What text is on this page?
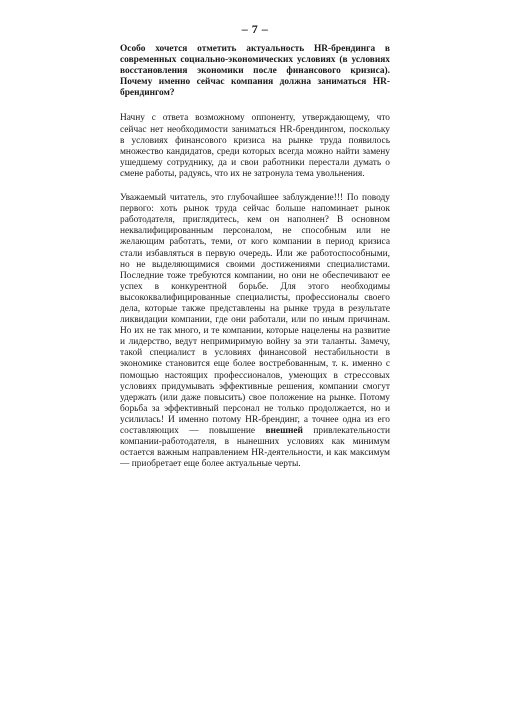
– 7 –

Особо хочется отметить актуальность HR-брендинга в современных социально-экономических условиях (в условиях восстановления экономики после финансового кризиса). Почему именно сейчас компания должна заниматься HR-брендингом?

Начну с ответа возможному оппоненту, утверждающему, что сейчас нет необходимости заниматься HR-брендингом, поскольку в условиях финансового кризиса на рынке труда появилось множество кандидатов, среди которых всегда можно найти замену ушедшему сотруднику, да и свои работники перестали думать о смене работы, радуясь, что их не затронула тема увольнения.

Уважаемый читатель, это глубочайшее заблуждение!!! По поводу первого: хоть рынок труда сейчас больше напоминает рынок работодателя, пригляди́тесь, кем он наполнен? В основном неквалифицированным персоналом, не способным или не желающим работать, теми, от кого компании в период кризиса стали избавляться в первую очередь. Или же работоспособными, но не выделяющимися своими достижениями специалистами. Последние тоже требуются компании, но они не обеспечивают ее успех в конкурентной борьбе. Для этого необходимы высококвалифицированные специалисты, профессионалы своего дела, которые также представлены на рынке труда в результате ликвидации компании, где они работали, или по иным причинам. Но их не так много, и те компании, которые нацелены на развитие и лидерство, ведут непримиримую войну за эти таланты. Замечу, такой специалист в условиях финансовой нестабильности в экономике становится еще более востребованным, т. к. именно с помощью настоящих профессионалов, умеющих в стрессовых условиях придумывать эффективные решения, компании смогут удержать (или даже повысить) свое положение на рынке. Потому борьба за эффективный персонал не только продолжается, но и усилилась! И именно потому HR-брендинг, а точнее одна из его составляющих — повышение внешней привлекательности компании-работодателя, в нынешних условиях как минимум остается важным направлением HR-деятельности, и как максимум — приобретает еще более актуальные черты.
